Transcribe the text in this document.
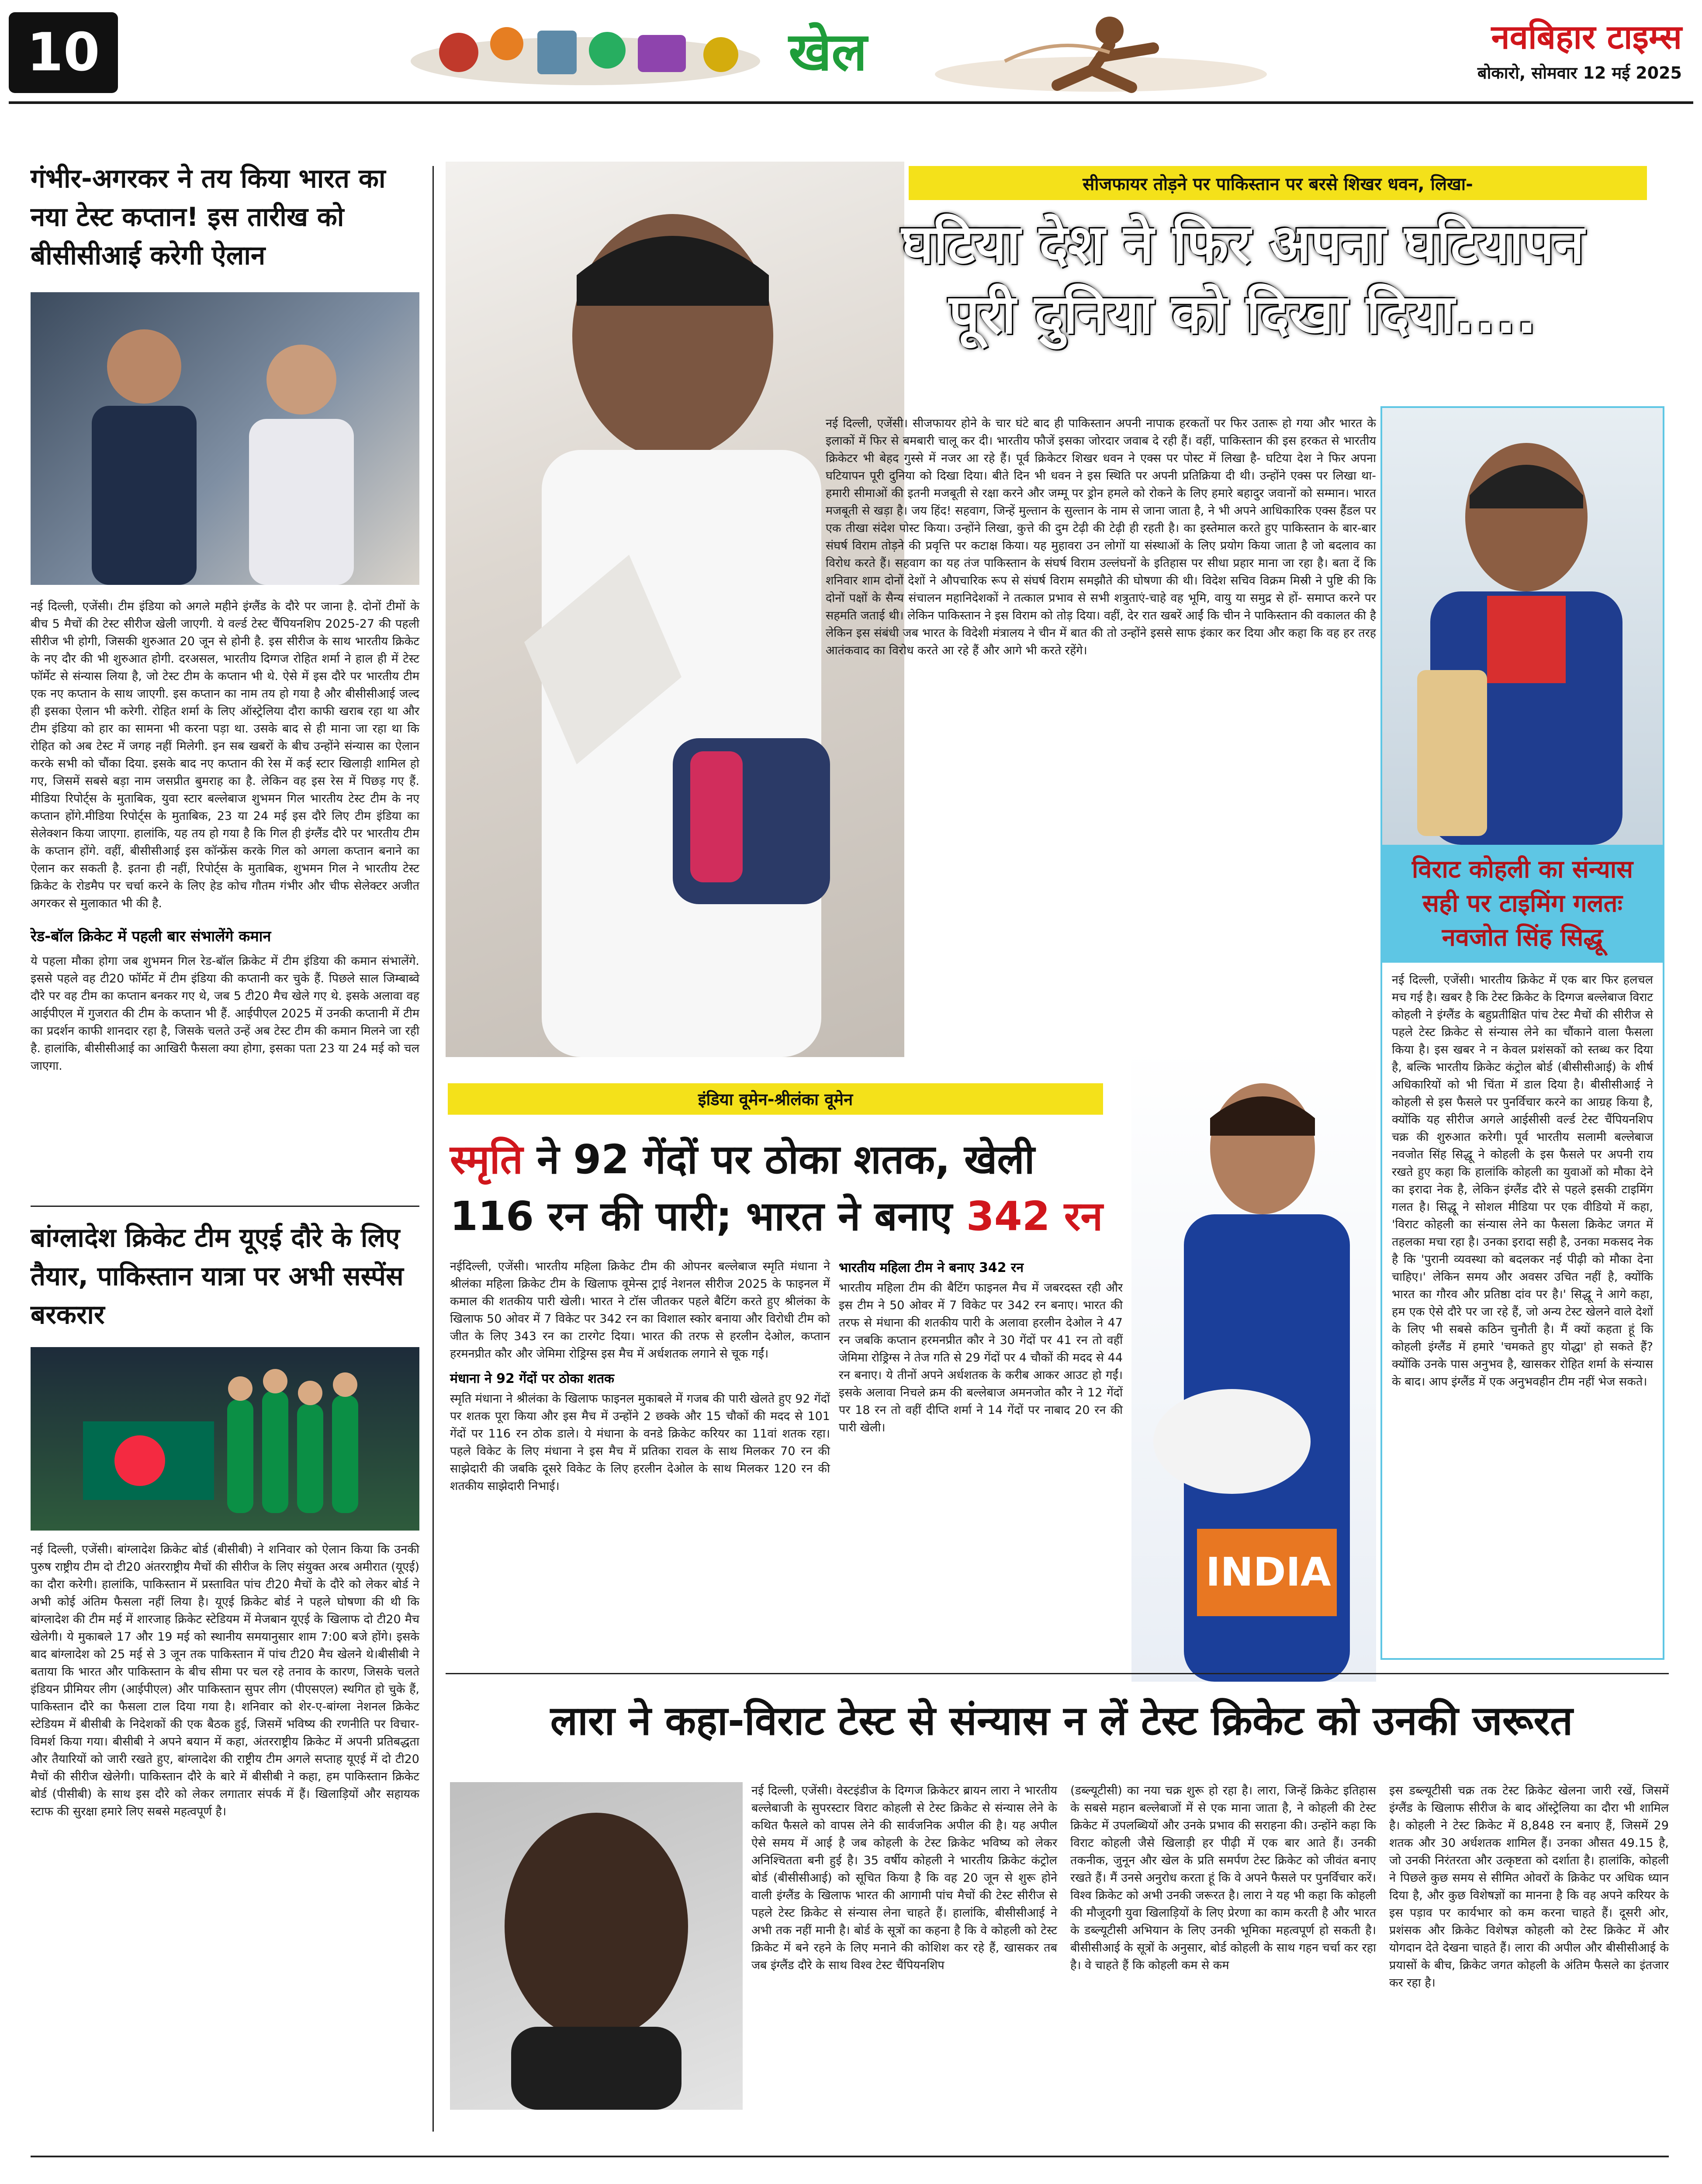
10	खेल	नवबिहार टाइम्स
बोकारो, सोमवार 12 मई 2025
गंभीर-अगरकर ने तय किया भारत का नया टेस्ट कप्तान! इस तारीख को बीसीसीआई करेगी ऐलान
नई दिल्ली, एजेंसी। टीम इंडिया को अगले महीने इंग्लैंड के दौरे पर जाना है. दोनों टीमों के बीच 5 मैचों की टेस्ट सीरीज खेली जाएगी. ये वर्ल्ड टेस्ट चैंपियनशिप 2025-27 की पहली सीरीज भी होगी, जिसकी शुरुआत 20 जून से होनी है. इस सीरीज के साथ भारतीय क्रिकेट के नए दौर की भी शुरुआत होगी. दरअसल, भारतीय दिग्गज रोहित शर्मा ने हाल ही में टेस्ट फॉर्मेट से संन्यास लिया है, जो टेस्ट टीम के कप्तान भी थे. ऐसे में इस दौरे पर भारतीय टीम एक नए कप्तान के साथ जाएगी. इस कप्तान का नाम तय हो गया है और बीसीसीआई जल्द ही इसका ऐलान भी करेगी. रोहित शर्मा के लिए ऑस्ट्रेलिया दौरा काफी खराब रहा था और टीम इंडिया को हार का सामना भी करना पड़ा था. उसके बाद से ही माना जा रहा था कि रोहित को अब टेस्ट में जगह नहीं मिलेगी. इन सब खबरों के बीच उन्होंने संन्यास का ऐलान करके सभी को चौंका दिया. इसके बाद नए कप्तान की रेस में कई स्टार खिलाड़ी शामिल हो गए, जिसमें सबसे बड़ा नाम जसप्रीत बुमराह का है. लेकिन वह इस रेस में पिछड़ गए हैं. मीडिया रिपोर्ट्स के मुताबिक, युवा स्टार बल्लेबाज शुभमन गिल भारतीय टेस्ट टीम के नए कप्तान होंगे.मीडिया रिपोर्ट्स के मुताबिक, 23 या 24 मई इस दौरे लिए टीम इंडिया का सेलेक्शन किया जाएगा. हालांकि, यह तय हो गया है कि गिल ही इंग्लैंड दौरे पर भारतीय टीम के कप्तान होंगे. वहीं, बीसीसीआई इस कॉन्फ्रेंस करके गिल को अगला कप्तान बनाने का ऐलान कर सकती है. इतना ही नहीं, रिपोर्ट्स के मुताबिक, शुभमन गिल ने भारतीय टेस्ट क्रिकेट के रोडमैप पर चर्चा करने के लिए हेड कोच गौतम गंभीर और चीफ सेलेक्टर अजीत अगरकर से मुलाकात भी की है.
रेड-बॉल क्रिकेट में पहली बार संभालेंगे कमान
ये पहला मौका होगा जब शुभमन गिल रेड-बॉल क्रिकेट में टीम इंडिया की कमान संभालेंगे. इससे पहले वह टी20 फॉर्मेट में टीम इंडिया की कप्तानी कर चुके हैं. पिछले साल जिम्बाब्वे दौरे पर वह टीम का कप्तान बनकर गए थे, जब 5 टी20 मैच खेले गए थे. इसके अलावा वह आईपीएल में गुजरात की टीम के कप्तान भी हैं. आईपीएल 2025 में उनकी कप्तानी में टीम का प्रदर्शन काफी शानदार रहा है, जिसके चलते उन्हें अब टेस्ट टीम की कमान मिलने जा रही है. हालांकि, बीसीसीआई का आखिरी फैसला क्या होगा, इसका पता 23 या 24 मई को चल जाएगा.
बांग्लादेश क्रिकेट टीम यूएई दौरे के लिए तैयार, पाकिस्तान यात्रा पर अभी सस्पेंस बरकरार
नई दिल्ली, एजेंसी। बांग्लादेश क्रिकेट बोर्ड (बीसीबी) ने शनिवार को ऐलान किया कि उनकी पुरुष राष्ट्रीय टीम दो टी20 अंतरराष्ट्रीय मैचों की सीरीज के लिए संयुक्त अरब अमीरात (यूएई) का दौरा करेगी। हालांकि, पाकिस्तान में प्रस्तावित पांच टी20 मैचों के दौरे को लेकर बोर्ड ने अभी कोई अंतिम फैसला नहीं लिया है। यूएई क्रिकेट बोर्ड ने पहले घोषणा की थी कि बांग्लादेश की टीम मई में शारजाह क्रिकेट स्टेडियम में मेजबान यूएई के खिलाफ दो टी20 मैच खेलेगी। ये मुकाबले 17 और 19 मई को स्थानीय समयानुसार शाम 7:00 बजे होंगे। इसके बाद बांग्लादेश को 25 मई से 3 जून तक पाकिस्तान में पांच टी20 मैच खेलने थे।बीसीबी ने बताया कि भारत और पाकिस्तान के बीच सीमा पर चल रहे तनाव के कारण, जिसके चलते इंडियन प्रीमियर लीग (आईपीएल) और पाकिस्तान सुपर लीग (पीएसएल) स्थगित हो चुके हैं, पाकिस्तान दौरे का फैसला टाल दिया गया है। शनिवार को शेर-ए-बांग्ला नेशनल क्रिकेट स्टेडियम में बीसीबी के निदेशकों की एक बैठक हुई, जिसमें भविष्य की रणनीति पर विचार-विमर्श किया गया। बीसीबी ने अपने बयान में कहा, अंतरराष्ट्रीय क्रिकेट में अपनी प्रतिबद्धता और तैयारियों को जारी रखते हुए, बांग्लादेश की राष्ट्रीय टीम अगले सप्ताह यूएई में दो टी20 मैचों की सीरीज खेलेगी। पाकिस्तान दौरे के बारे में बीसीबी ने कहा, हम पाकिस्तान क्रिकेट बोर्ड (पीसीबी) के साथ इस दौरे को लेकर लगातार संपर्क में हैं। खिलाड़ियों और सहायक स्टाफ की सुरक्षा हमारे लिए सबसे महत्वपूर्ण है।
सीजफायर तोड़ने पर पाकिस्तान पर बरसे शिखर धवन, लिखा-
घटिया देश ने फिर अपना घटियापन
पूरी दुनिया को दिखा दिया....
नई दिल्ली, एजेंसी। सीजफायर होने के चार घंटे बाद ही पाकिस्तान अपनी नापाक हरकतों पर फिर उतारू हो गया और भारत के इलाकों में फिर से बमबारी चालू कर दी। भारतीय फौजें इसका जोरदार जवाब दे रही हैं। वहीं, पाकिस्तान की इस हरकत से भारतीय क्रिकेटर भी बेहद गुस्से में नजर आ रहे हैं। पूर्व क्रिकेटर शिखर धवन ने एक्स पर पोस्ट में लिखा है- घटिया देश ने फिर अपना घटियापन पूरी दुनिया को दिखा दिया। बीते दिन भी धवन ने इस स्थिति पर अपनी प्रतिक्रिया दी थी। उन्होंने एक्स पर लिखा था- हमारी सीमाओं की इतनी मजबूती से रक्षा करने और जम्मू पर ड्रोन हमले को रोकने के लिए हमारे बहादुर जवानों को सम्मान। भारत मजबूती से खड़ा है। जय हिंद! सहवाग, जिन्हें मुल्तान के सुल्तान के नाम से जाना जाता है, ने भी अपने आधिकारिक एक्स हैंडल पर एक तीखा संदेश पोस्ट किया। उन्होंने लिखा, कुत्ते की दुम टेढ़ी की टेढ़ी ही रहती है। का इस्तेमाल करते हुए पाकिस्तान के बार-बार संघर्ष विराम तोड़ने की प्रवृत्ति पर कटाक्ष किया। यह मुहावरा उन लोगों या संस्थाओं के लिए प्रयोग किया जाता है जो बदलाव का विरोध करते हैं। सहवाग का यह तंज पाकिस्तान के संघर्ष विराम उल्लंघनों के इतिहास पर सीधा प्रहार माना जा रहा है। बता दें कि शनिवार शाम दोनों देशों ने औपचारिक रूप से संघर्ष विराम समझौते की घोषणा की थी। विदेश सचिव विक्रम मिस्री ने पुष्टि की कि दोनों पक्षों के सैन्य संचालन महानिदेशकों ने तत्काल प्रभाव से सभी शत्रुताएं-चाहे वह भूमि, वायु या समुद्र से हों- समाप्त करने पर सहमति जताई थी। लेकिन पाकिस्तान ने इस विराम को तोड़ दिया। वहीं, देर रात खबरें आईं कि चीन ने पाकिस्तान की वकालत की है लेकिन इस संबंधी जब भारत के विदेशी मंत्रालय ने चीन में बात की तो उन्होंने इससे साफ इंकार कर दिया और कहा कि वह हर तरह आतंकवाद का विरोध करते आ रहे हैं और आगे भी करते रहेंगे।
विराट कोहली का संन्यास सही पर टाइमिंग गलतः नवजोत सिंह सिद्धू
नई दिल्ली, एजेंसी। भारतीय क्रिकेट में एक बार फिर हलचल मच गई है। खबर है कि टेस्ट क्रिकेट के दिग्गज बल्लेबाज विराट कोहली ने इंग्लैंड के बहुप्रतीक्षित पांच टेस्ट मैचों की सीरीज से पहले टेस्ट क्रिकेट से संन्यास लेने का चौंकाने वाला फैसला किया है। इस खबर ने न केवल प्रशंसकों को स्तब्ध कर दिया है, बल्कि भारतीय क्रिकेट कंट्रोल बोर्ड (बीसीसीआई) के शीर्ष अधिकारियों को भी चिंता में डाल दिया है। बीसीसीआई ने कोहली से इस फैसले पर पुनर्विचार करने का आग्रह किया है, क्योंकि यह सीरीज अगले आईसीसी वर्ल्ड टेस्ट चैंपियनशिप चक्र की शुरुआत करेगी। पूर्व भारतीय सलामी बल्लेबाज नवजोत सिंह सिद्धू ने कोहली के इस फैसले पर अपनी राय रखते हुए कहा कि हालांकि कोहली का युवाओं को मौका देने का इरादा नेक है, लेकिन इंग्लैंड दौरे से पहले इसकी टाइमिंग गलत है। सिद्धू ने सोशल मीडिया पर एक वीडियो में कहा, 'विराट कोहली का संन्यास लेने का फैसला क्रिकेट जगत में तहलका मचा रहा है। उनका इरादा सही है, उनका मकसद नेक है कि 'पुरानी व्यवस्था को बदलकर नई पीढ़ी को मौका देना चाहिए।' लेकिन समय और अवसर उचित नहीं है, क्योंकि भारत का गौरव और प्रतिष्ठा दांव पर है।' सिद्धू ने आगे कहा, हम एक ऐसे दौरे पर जा रहे हैं, जो अन्य टेस्ट खेलने वाले देशों के लिए भी सबसे कठिन चुनौती है। मैं क्यों कहता हूं कि कोहली इंग्लैंड में हमारे 'चमकते हुए योद्धा' हो सकते हैं? क्योंकि उनके पास अनुभव है, खासकर रोहित शर्मा के संन्यास के बाद। आप इंग्लैंड में एक अनुभवहीन टीम नहीं भेज सकते।
इंडिया वूमेन-श्रीलंका वूमेन
स्मृति ने 92 गेंदों पर ठोका शतक, खेली
116 रन की पारी; भारत ने बनाए 342 रन
नईदिल्ली, एजेंसी। भारतीय महिला क्रिकेट टीम की ओपनर बल्लेबाज स्मृति मंधाना ने श्रीलंका महिला क्रिकेट टीम के खिलाफ वूमेन्स ट्राई नेशनल सीरीज 2025 के फाइनल में कमाल की शतकीय पारी खेली। भारत ने टॉस जीतकर पहले बैटिंग करते हुए श्रीलंका के खिलाफ 50 ओवर में 7 विकेट पर 342 रन का विशाल स्कोर बनाया और विरोधी टीम को जीत के लिए 343 रन का टारगेट दिया। भारत की तरफ से हरलीन देओल, कप्तान हरमनप्रीत कौर और जेमिमा रोड्रिग्स इस मैच में अर्धशतक लगाने से चूक गईं।
मंधाना ने 92 गेंदों पर ठोका शतक
स्मृति मंधाना ने श्रीलंका के खिलाफ फाइनल मुकाबले में गजब की पारी खेलते हुए 92 गेंदों पर शतक पूरा किया और इस मैच में उन्होंने 2 छक्के और 15 चौकों की मदद से 101 गेंदों पर 116 रन ठोक डाले। ये मंधाना के वनडे क्रिकेट करियर का 11वां शतक रहा। पहले विकेट के लिए मंधाना ने इस मैच में प्रतिका रावल के साथ मिलकर 70 रन की साझेदारी की जबकि दूसरे विकेट के लिए हरलीन देओल के साथ मिलकर 120 रन की शतकीय साझेदारी निभाई।
भारतीय महिला टीम ने बनाए 342 रन
भारतीय महिला टीम की बैटिंग फाइनल मैच में जबरदस्त रही और इस टीम ने 50 ओवर में 7 विकेट पर 342 रन बनाए। भारत की तरफ से मंधाना की शतकीय पारी के अलावा हरलीन देओल ने 47 रन जबकि कप्तान हरमनप्रीत कौर ने 30 गेंदों पर 41 रन तो वहीं जेमिमा रोड्रिग्स ने तेज गति से 29 गेंदों पर 4 चौकों की मदद से 44 रन बनाए। ये तीनों अपने अर्धशतक के करीब आकर आउट हो गईं। इसके अलावा निचले क्रम की बल्लेबाज अमनजोत कौर ने 12 गेंदों पर 18 रन तो वहीं दीप्ति शर्मा ने 14 गेंदों पर नाबाद 20 रन की पारी खेली।
INDIA
लारा ने कहा-विराट टेस्ट से संन्यास न लें टेस्ट क्रिकेट को उनकी जरूरत
नई दिल्ली, एजेंसी। वेस्टइंडीज के दिग्गज क्रिकेटर ब्रायन लारा ने भारतीय बल्लेबाजी के सुपरस्टार विराट कोहली से टेस्ट क्रिकेट से संन्यास लेने के कथित फैसले को वापस लेने की सार्वजनिक अपील की है। यह अपील ऐसे समय में आई है जब कोहली के टेस्ट क्रिकेट भविष्य को लेकर अनिश्चितता बनी हुई है। 35 वर्षीय कोहली ने भारतीय क्रिकेट कंट्रोल बोर्ड (बीसीसीआई) को सूचित किया है कि वह 20 जून से शुरू होने वाली इंग्लैंड के खिलाफ भारत की आगामी पांच मैचों की टेस्ट सीरीज से पहले टेस्ट क्रिकेट से संन्यास लेना चाहते हैं। हालांकि, बीसीसीआई ने अभी तक नहीं मानी है। बोर्ड के सूत्रों का कहना है कि वे कोहली को टेस्ट क्रिकेट में बने रहने के लिए मनाने की कोशिश कर रहे हैं, खासकर तब जब इंग्लैंड दौरे के साथ विश्व टेस्ट चैंपियनशिप
(डब्ल्यूटीसी) का नया चक्र शुरू हो रहा है। लारा, जिन्हें क्रिकेट इतिहास के सबसे महान बल्लेबाजों में से एक माना जाता है, ने कोहली की टेस्ट क्रिकेट में उपलब्धियों और उनके प्रभाव की सराहना की। उन्होंने कहा कि विराट कोहली जैसे खिलाड़ी हर पीढ़ी में एक बार आते हैं। उनकी तकनीक, जुनून और खेल के प्रति समर्पण टेस्ट क्रिकेट को जीवंत बनाए रखते हैं। मैं उनसे अनुरोध करता हूं कि वे अपने फैसले पर पुनर्विचार करें। विश्व क्रिकेट को अभी उनकी जरूरत है। लारा ने यह भी कहा कि कोहली की मौजूदगी युवा खिलाड़ियों के लिए प्रेरणा का काम करती है और भारत के डब्ल्यूटीसी अभियान के लिए उनकी भूमिका महत्वपूर्ण हो सकती है। बीसीसीआई के सूत्रों के अनुसार, बोर्ड कोहली के साथ गहन चर्चा कर रहा है। वे चाहते हैं कि कोहली कम से कम
इस डब्ल्यूटीसी चक्र तक टेस्ट क्रिकेट खेलना जारी रखें, जिसमें इंग्लैंड के खिलाफ सीरीज के बाद ऑस्ट्रेलिया का दौरा भी शामिल है। कोहली ने टेस्ट क्रिकेट में 8,848 रन बनाए हैं, जिसमें 29 शतक और 30 अर्धशतक शामिल हैं। उनका औसत 49.15 है, जो उनकी निरंतरता और उत्कृष्टता को दर्शाता है। हालांकि, कोहली ने पिछले कुछ समय से सीमित ओवरों के क्रिकेट पर अधिक ध्यान दिया है, और कुछ विशेषज्ञों का मानना है कि वह अपने करियर के इस पड़ाव पर कार्यभार को कम करना चाहते हैं। दूसरी ओर, प्रशंसक और क्रिकेट विशेषज्ञ कोहली को टेस्ट क्रिकेट में और योगदान देते देखना चाहते हैं। लारा की अपील और बीसीसीआई के प्रयासों के बीच, क्रिकेट जगत कोहली के अंतिम फैसले का इंतजार कर रहा है।
